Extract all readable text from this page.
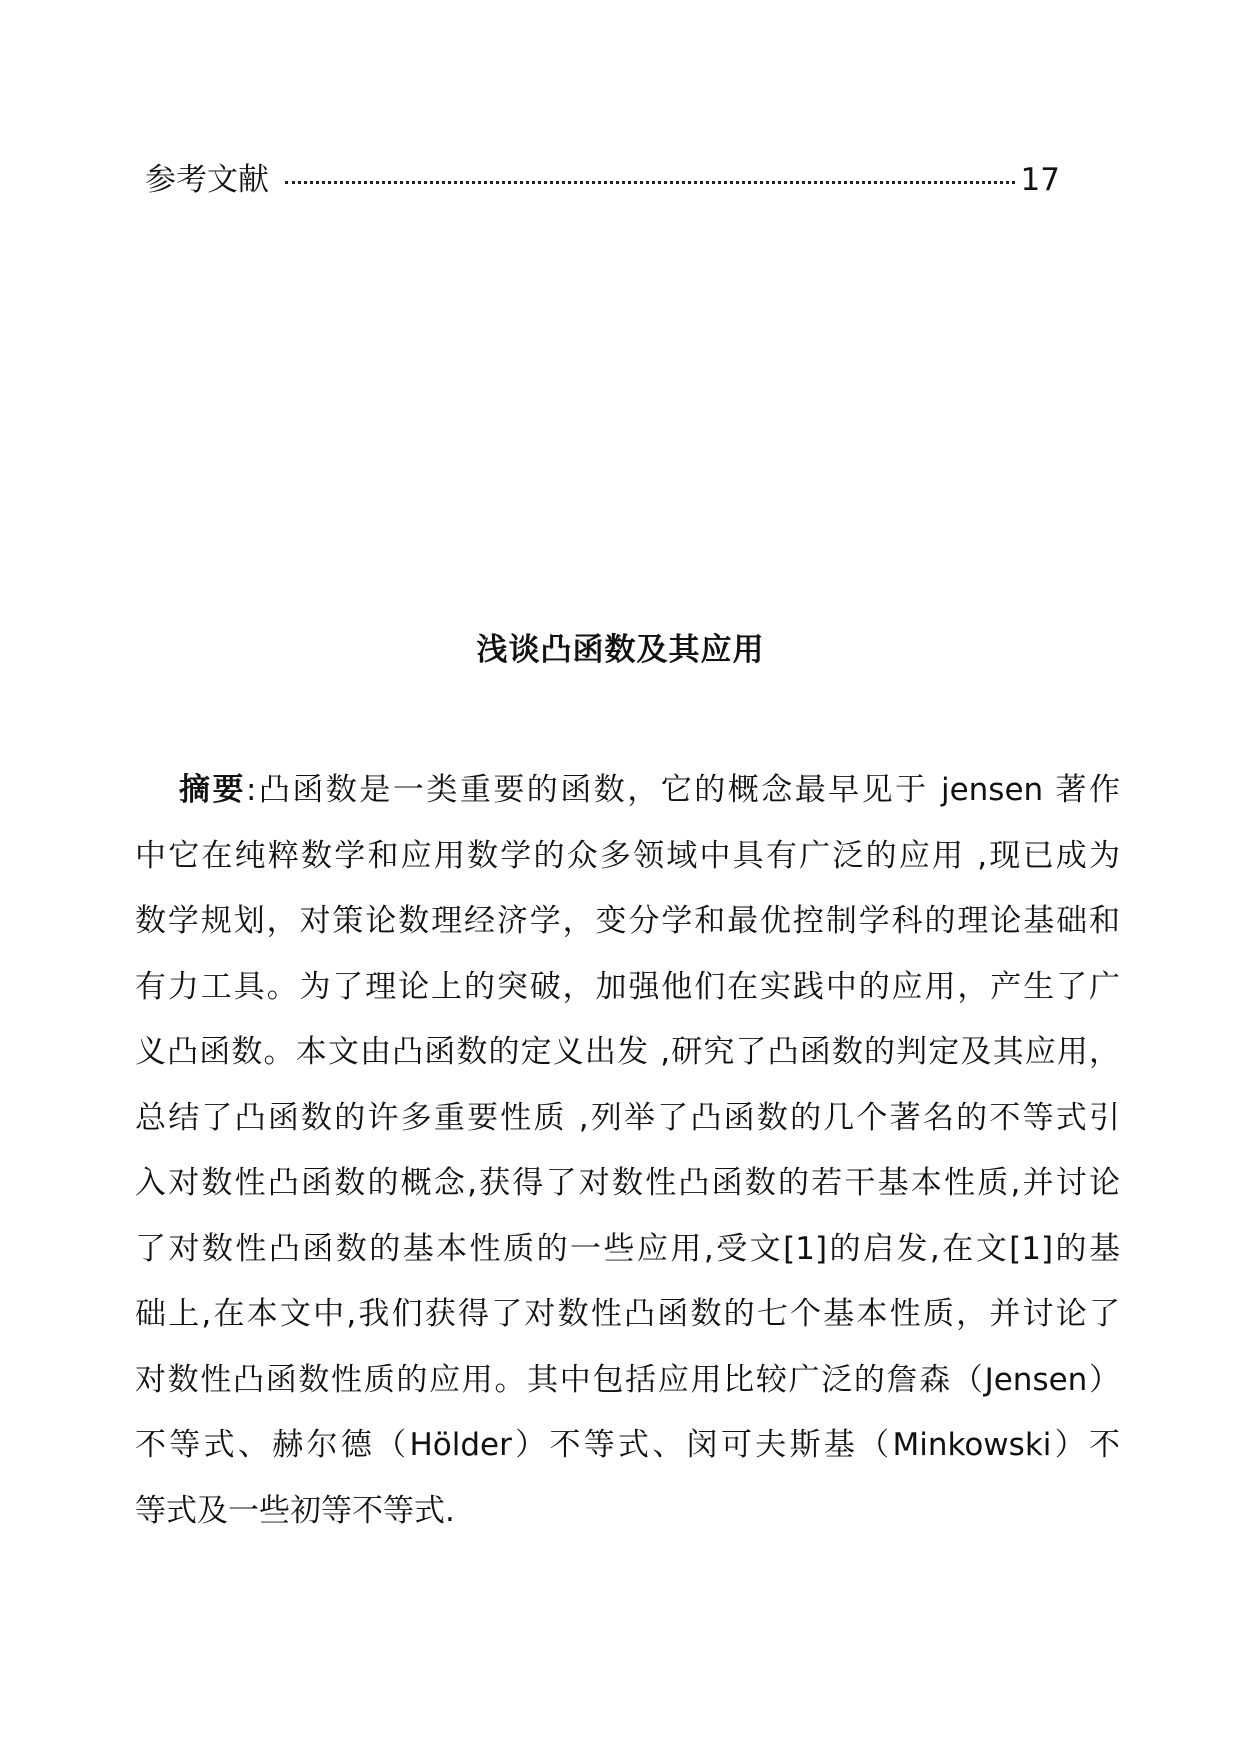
参考文献	17
浅谈凸函数及其应用
摘要:凸函数是一类重要的函数，它的概念最早见于 jensen 著作
中它在纯粹数学和应用数学的众多领域中具有广泛的应用 ,现已成为
数学规划，对策论数理经济学，变分学和最优控制学科的理论基础和
有力工具。为了理论上的突破，加强他们在实践中的应用，产生了广
义凸函数。本文由凸函数的定义出发 ,研究了凸函数的判定及其应用，
总结了凸函数的许多重要性质 ,列举了凸函数的几个著名的不等式引
入对数性凸函数的概念,获得了对数性凸函数的若干基本性质,并讨论
了对数性凸函数的基本性质的一些应用,受文[1]的启发,在文[1]的基
础上,在本文中,我们获得了对数性凸函数的七个基本性质，并讨论了
对数性凸函数性质的应用。其中包括应用比较广泛的詹森（Jensen）
不等式、赫尔德（Hölder）不等式、闵可夫斯基（Minkowski）不
等式及一些初等不等式.
